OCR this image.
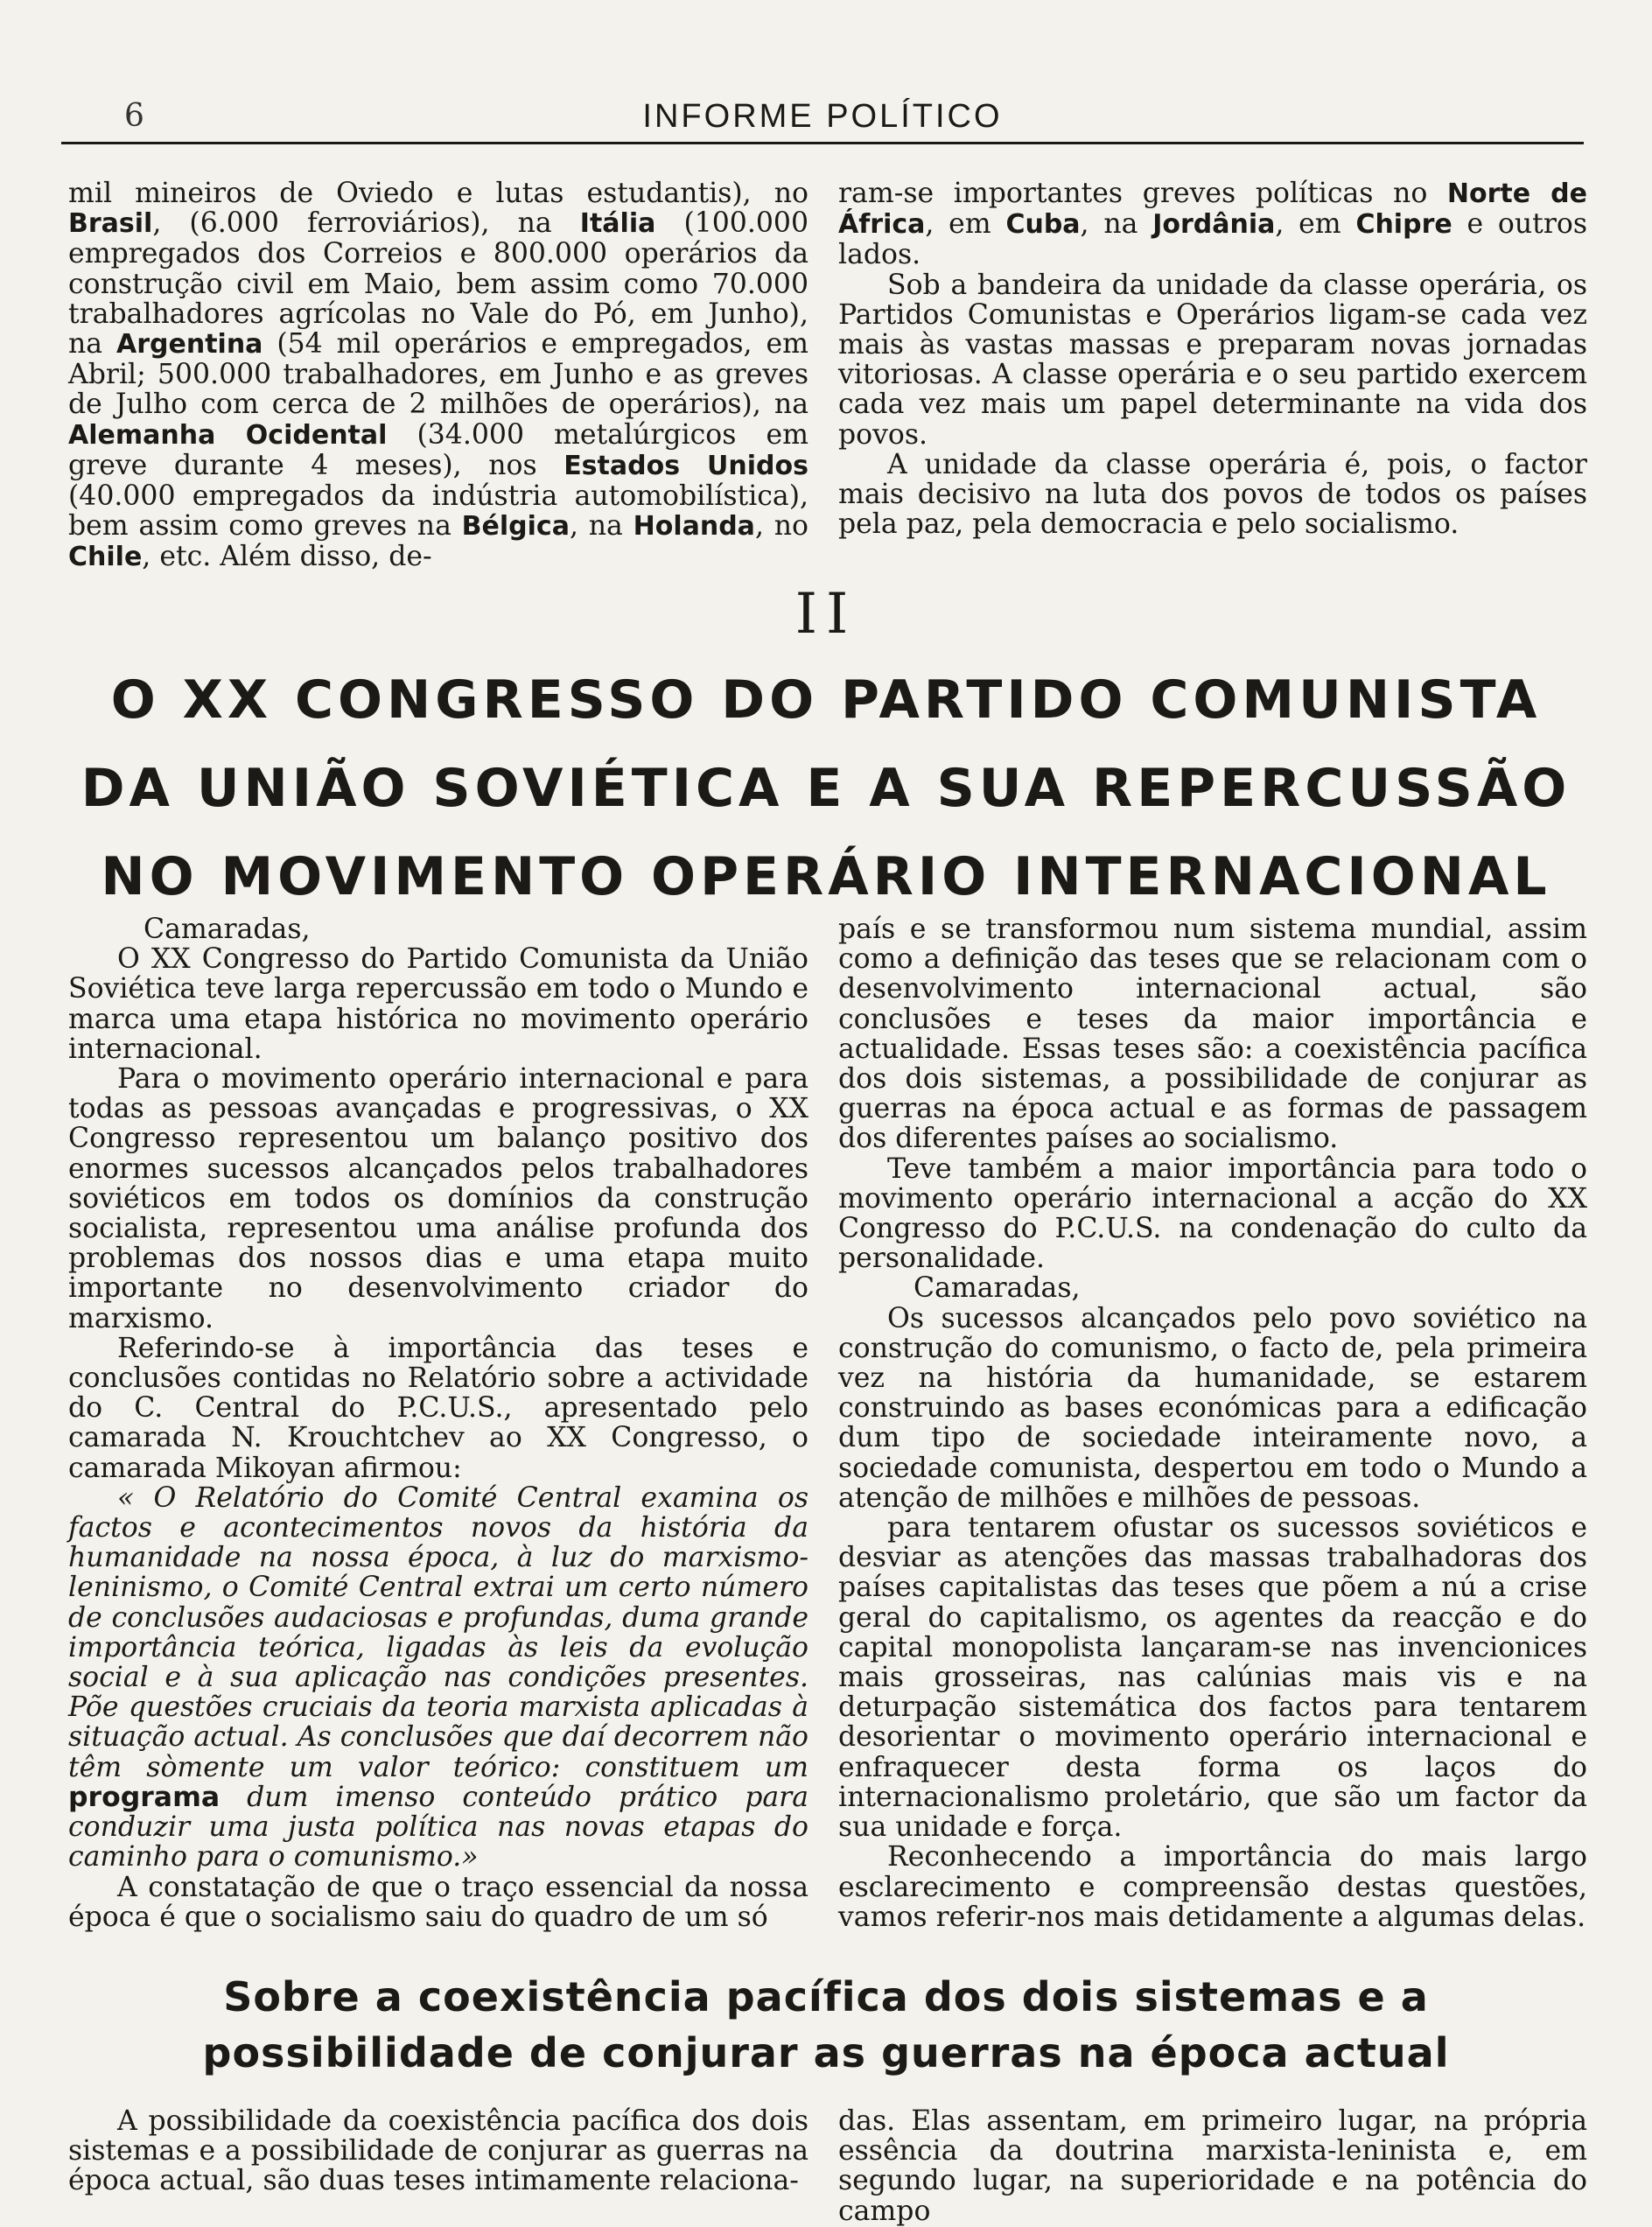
6	INFORME POLÍTICO

mil mineiros de Oviedo e lutas estudantis), no Brasil, (6.000 ferroviários), na Itália (100.000 empregados dos Correios e 800.000 operários da construção civil em Maio, bem assim como 70.000 trabalhadores agrícolas no Vale do Pó, em Junho), na Argentina (54 mil operários e empregados, em Abril; 500.000 trabalhadores, em Junho e as greves de Julho com cerca de 2 milhões de operários), na Alemanha Ocidental (34.000 metalúrgicos em greve durante 4 meses), nos Estados Unidos (40.000 empregados da indústria automobilística), bem assim como greves na Bélgica, na Holanda, no Chile, etc. Além disso, de-

ram-se importantes greves políticas no Norte de África, em Cuba, na Jordânia, em Chipre e outros lados.

Sob a bandeira da unidade da classe operária, os Partidos Comunistas e Operários ligam-se cada vez mais às vastas massas e preparam novas jornadas vitoriosas. A classe operária e o seu partido exercem cada vez mais um papel determinante na vida dos povos.

A unidade da classe operária é, pois, o factor mais decisivo na luta dos povos de todos os países pela paz, pela democracia e pelo socialismo.

II
O XX CONGRESSO DO PARTIDO COMUNISTA DA UNIÃO SOVIÉTICA E A SUA REPERCUSSÃO NO MOVIMENTO OPERÁRIO INTERNACIONAL

Camaradas,

O XX Congresso do Partido Comunista da União Soviética teve larga repercussão em todo o Mundo e marca uma etapa histórica no movimento operário internacional.

Para o movimento operário internacional e para todas as pessoas avançadas e progressivas, o XX Congresso representou um balanço positivo dos enormes sucessos alcançados pelos trabalhadores soviéticos em todos os domínios da construção socialista, representou uma análise profunda dos problemas dos nossos dias e uma etapa muito importante no desenvolvimento criador do marxismo.

Referindo-se à importância das teses e conclusões contidas no Relatório sobre a actividade do C. Central do P.C.U.S., apresentado pelo camarada N. Krouchtchev ao XX Congresso, o camarada Mikoyan afirmou:

« O Relatório do Comité Central examina os factos e acontecimentos novos da história da humanidade na nossa época, à luz do marxismo-leninismo, o Comité Central extrai um certo número de conclusões audaciosas e profundas, duma grande importância teórica, ligadas às leis da evolução social e à sua aplicação nas condições presentes. Põe questões cruciais da teoria marxista aplicadas à situação actual. As conclusões que daí decorrem não têm sòmente um valor teórico: constituem um programa dum imenso conteúdo prático para conduzir uma justa política nas novas etapas do caminho para o comunismo.»

A constatação de que o traço essencial da nossa época é que o socialismo saiu do quadro de um só

país e se transformou num sistema mundial, assim como a definição das teses que se relacionam com o desenvolvimento internacional actual, são conclusões e teses da maior importância e actualidade. Essas teses são: a coexistência pacífica dos dois sistemas, a possibilidade de conjurar as guerras na época actual e as formas de passagem dos diferentes países ao socialismo.

Teve também a maior importância para todo o movimento operário internacional a acção do XX Congresso do P.C.U.S. na condenação do culto da personalidade.

Camaradas,

Os sucessos alcançados pelo povo soviético na construção do comunismo, o facto de, pela primeira vez na história da humanidade, se estarem construindo as bases económicas para a edificação dum tipo de sociedade inteiramente novo, a sociedade comunista, despertou em todo o Mundo a atenção de milhões e milhões de pessoas.

para tentarem ofustar os sucessos soviéticos e desviar as atenções das massas trabalhadoras dos países capitalistas das teses que põem a nú a crise geral do capitalismo, os agentes da reacção e do capital monopolista lançaram-se nas invencionices mais grosseiras, nas calúnias mais vis e na deturpação sistemática dos factos para tentarem desorientar o movimento operário internacional e enfraquecer desta forma os laços do internacionalismo proletário, que são um factor da sua unidade e força.

Reconhecendo a importância do mais largo esclarecimento e compreensão destas questões, vamos referir-nos mais detidamente a algumas delas.

Sobre a coexistência pacífica dos dois sistemas e a possibilidade de conjurar as guerras na época actual

A possibilidade da coexistência pacífica dos dois sistemas e a possibilidade de conjurar as guerras na época actual, são duas teses intimamente relaciona-

das. Elas assentam, em primeiro lugar, na própria essência da doutrina marxista-leninista e, em segundo lugar, na superioridade e na potência do campo
